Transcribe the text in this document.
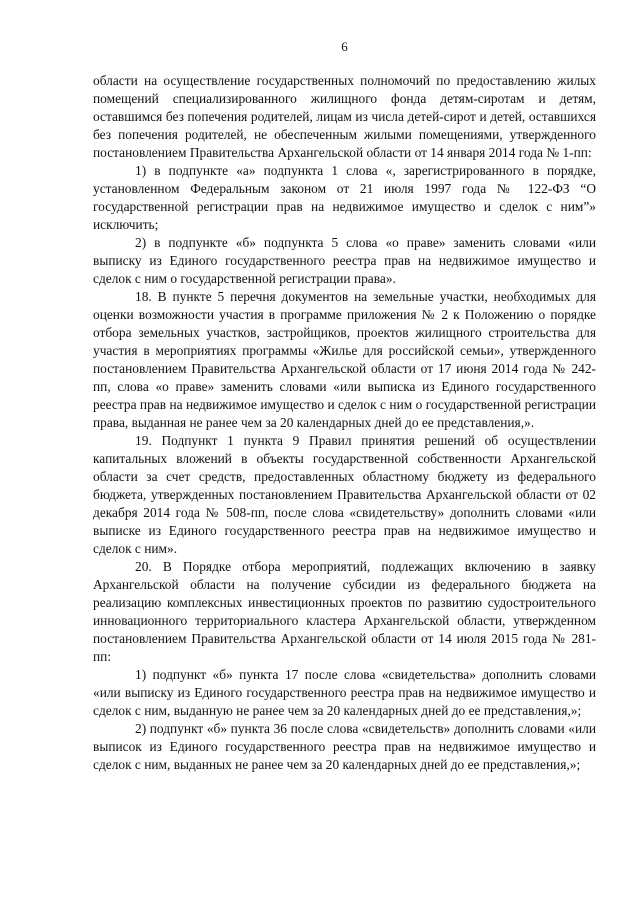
6

области на осуществление государственных полномочий по предоставлению жилых помещений специализированного жилищного фонда детям-сиротам и детям, оставшимся без попечения родителей, лицам из числа детей-сирот и детей, оставшихся без попечения родителей, не обеспеченным жилыми помещениями, утвержденного постановлением Правительства Архангельской области от 14 января 2014 года № 1-пп:

1) в подпункте «а» подпункта 1 слова «, зарегистрированного в порядке, установленном Федеральным законом от 21 июля 1997 года № 122-ФЗ “О государственной регистрации прав на недвижимое имущество и сделок с ним”» исключить;

2) в подпункте «б» подпункта 5 слова «о праве» заменить словами «или выписку из Единого государственного реестра прав на недвижимое имущество и сделок с ним о государственной регистрации права».

18. В пункте 5 перечня документов на земельные участки, необходимых для оценки возможности участия в программе приложения № 2 к Положению о порядке отбора земельных участков, застройщиков, проектов жилищного строительства для участия в мероприятиях программы «Жилье для российской семьи», утвержденного постановлением Правительства Архангельской области от 17 июня 2014 года № 242-пп, слова «о праве» заменить словами «или выписка из Единого государственного реестра прав на недвижимое имущество и сделок с ним о государственной регистрации права, выданная не ранее чем за 20 календарных дней до ее представления,».

19. Подпункт 1 пункта 9 Правил принятия решений об осуществлении капитальных вложений в объекты государственной собственности Архангельской области за счет средств, предоставленных областному бюджету из федерального бюджета, утвержденных постановлением Правительства Архангельской области от 02 декабря 2014 года № 508-пп, после слова «свидетельству» дополнить словами «или выписке из Единого государственного реестра прав на недвижимое имущество и сделок с ним».

20. В Порядке отбора мероприятий, подлежащих включению в заявку Архангельской области на получение субсидии из федерального бюджета на реализацию комплексных инвестиционных проектов по развитию судостроительного инновационного территориального кластера Архангельской области, утвержденном постановлением Правительства Архангельской области от 14 июля 2015 года № 281-пп:

1) подпункт «б» пункта 17 после слова «свидетельства» дополнить словами «или выписку из Единого государственного реестра прав на недвижимое имущество и сделок с ним, выданную не ранее чем за 20 календарных дней до ее представления,»;

2) подпункт «б» пункта 36 после слова «свидетельств» дополнить словами «или выписок из Единого государственного реестра прав на недвижимое имущество и сделок с ним, выданных не ранее чем за 20 календарных дней до ее представления,»;
